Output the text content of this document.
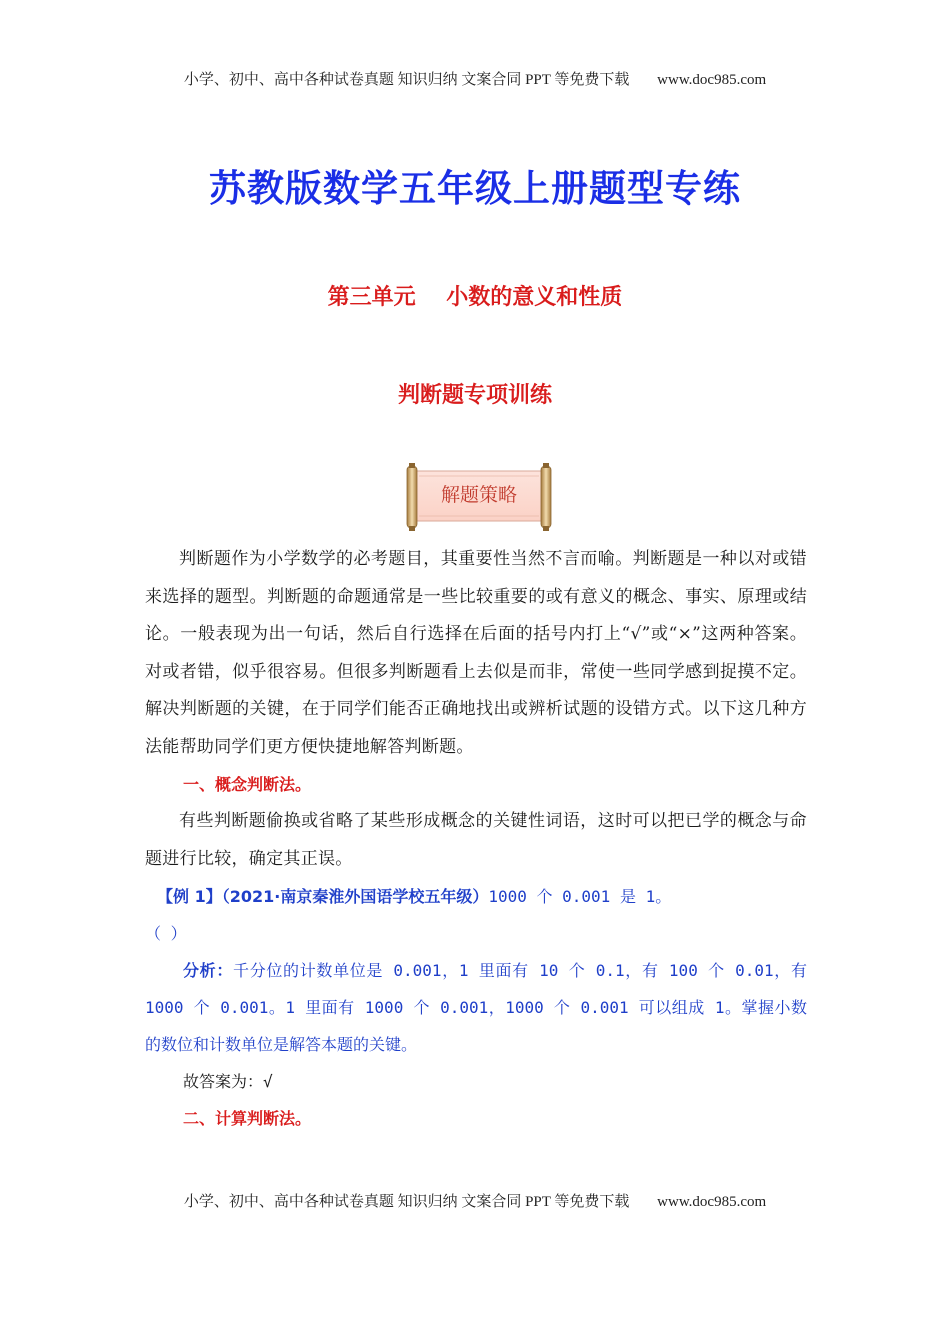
小学、初中、高中各种试卷真题 知识归纳 文案合同 PPT 等免费下载 www.doc985.com
苏教版数学五年级上册题型专练
第三单元    小数的意义和性质
判断题专项训练
解题策略

判断题作为小学数学的必考题目，其重要性当然不言而喻。判断题是一种以对或错来选择的题型。判断题的命题通常是一些比较重要的或有意义的概念、事实、原理或结论。一般表现为出一句话，然后自行选择在后面的括号内打上“√”或“×”这两种答案。对或者错，似乎很容易。但很多判断题看上去似是而非，常使一些同学感到捉摸不定。解决判断题的关键，在于同学们能否正确地找出或辨析试题的设错方式。以下这几种方法能帮助同学们更方便快捷地解答判断题。

一、概念判断法。

有些判断题偷换或省略了某些形成概念的关键性词语，这时可以把已学的概念与命题进行比较，确定其正误。

【例 1】（2021·南京秦淮外国语学校五年级）1000 个 0.001 是 1。

（ ）

分析：千分位的计数单位是 0.001，1 里面有 10 个 0.1，有 100 个 0.01，有 1000 个 0.001。1 里面有 1000 个 0.001，1000 个 0.001 可以组成 1。掌握小数的数位和计数单位是解答本题的关键。

故答案为：√

二、计算判断法。

小学、初中、高中各种试卷真题 知识归纳 文案合同 PPT 等免费下载 www.doc985.com
